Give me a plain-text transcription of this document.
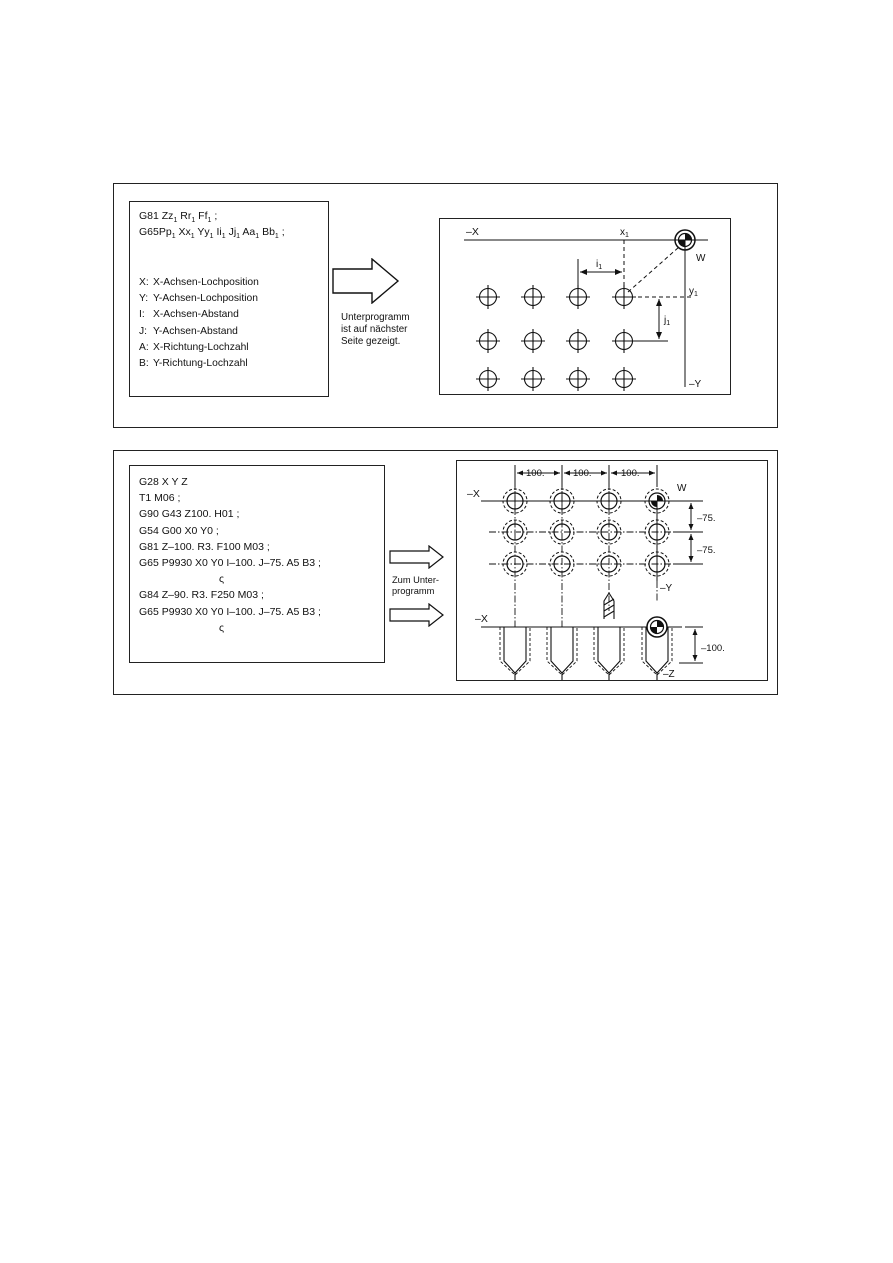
G81 $Zz_1$ $Rr_1$ $Ff_1$ ;
$G65Pp_1$ $Xx_1$ $Yy_1$ $Ii_1$ $Jj_1$ $Aa_1$ $Bb_1$ ;
X: X-Achsen-Lochposition
Y: Y-Achsen-Lochposition
I: X-Achsen-Abstand
J: Y-Achsen-Abstand
A: X-Richtung-Lochzahl
B: Y-Richtung-Lochzahl
Unterprogramm
ist auf nächster
Seite gezeigt.
–X	$x_1$
W
$i_1$
$y_1$
$j_1$
–Y
G28 X Y Z
T1 M06 ;
G90 G43 Z100. H01 ;
G54 G00 X0 Y0 ;
G81 Z–100. R3. F100 M03 ;
G65 P9930 X0 Y0 I–100. J–75. A5 B3 ;
ς
G84 Z–90. R3. F250 M03 ;
G65 P9930 X0 Y0 I–100. J–75. A5 B3 ;
ς
Zum Unter-
programm
100.	100.	100.
–X	W
–75.
–75.
–Y
–X
–100.
–Z
